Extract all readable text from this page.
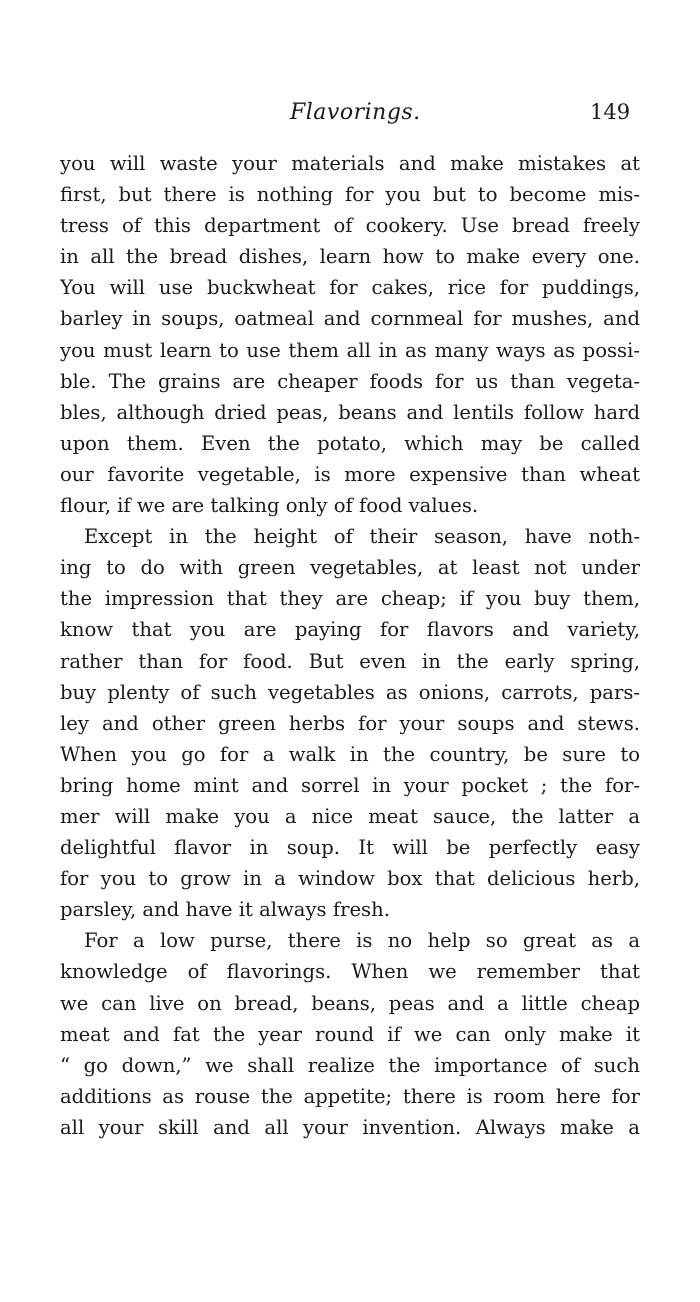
Flavorings.	149
you will waste your materials and make mistakes at
first, but there is nothing for you but to become mis-
tress of this department of cookery. Use bread freely
in all the bread dishes, learn how to make every one.
You will use buckwheat for cakes, rice for puddings,
barley in soups, oatmeal and cornmeal for mushes, and
you must learn to use them all in as many ways as possi-
ble. The grains are cheaper foods for us than vegeta-
bles, although dried peas, beans and lentils follow hard
upon them. Even the potato, which may be called
our favorite vegetable, is more expensive than wheat
flour, if we are talking only of food values.
Except in the height of their season, have noth-
ing to do with green vegetables, at least not under
the impression that they are cheap; if you buy them,
know that you are paying for flavors and variety,
rather than for food. But even in the early spring,
buy plenty of such vegetables as onions, carrots, pars-
ley and other green herbs for your soups and stews.
When you go for a walk in the country, be sure to
bring home mint and sorrel in your pocket ; the for-
mer will make you a nice meat sauce, the latter a
delightful flavor in soup. It will be perfectly easy
for you to grow in a window box that delicious herb,
parsley, and have it always fresh.
For a low purse, there is no help so great as a
knowledge of flavorings. When we remember that
we can live on bread, beans, peas and a little cheap
meat and fat the year round if we can only make it
“ go down,” we shall realize the importance of such
additions as rouse the appetite; there is room here for
all your skill and all your invention. Always make a
